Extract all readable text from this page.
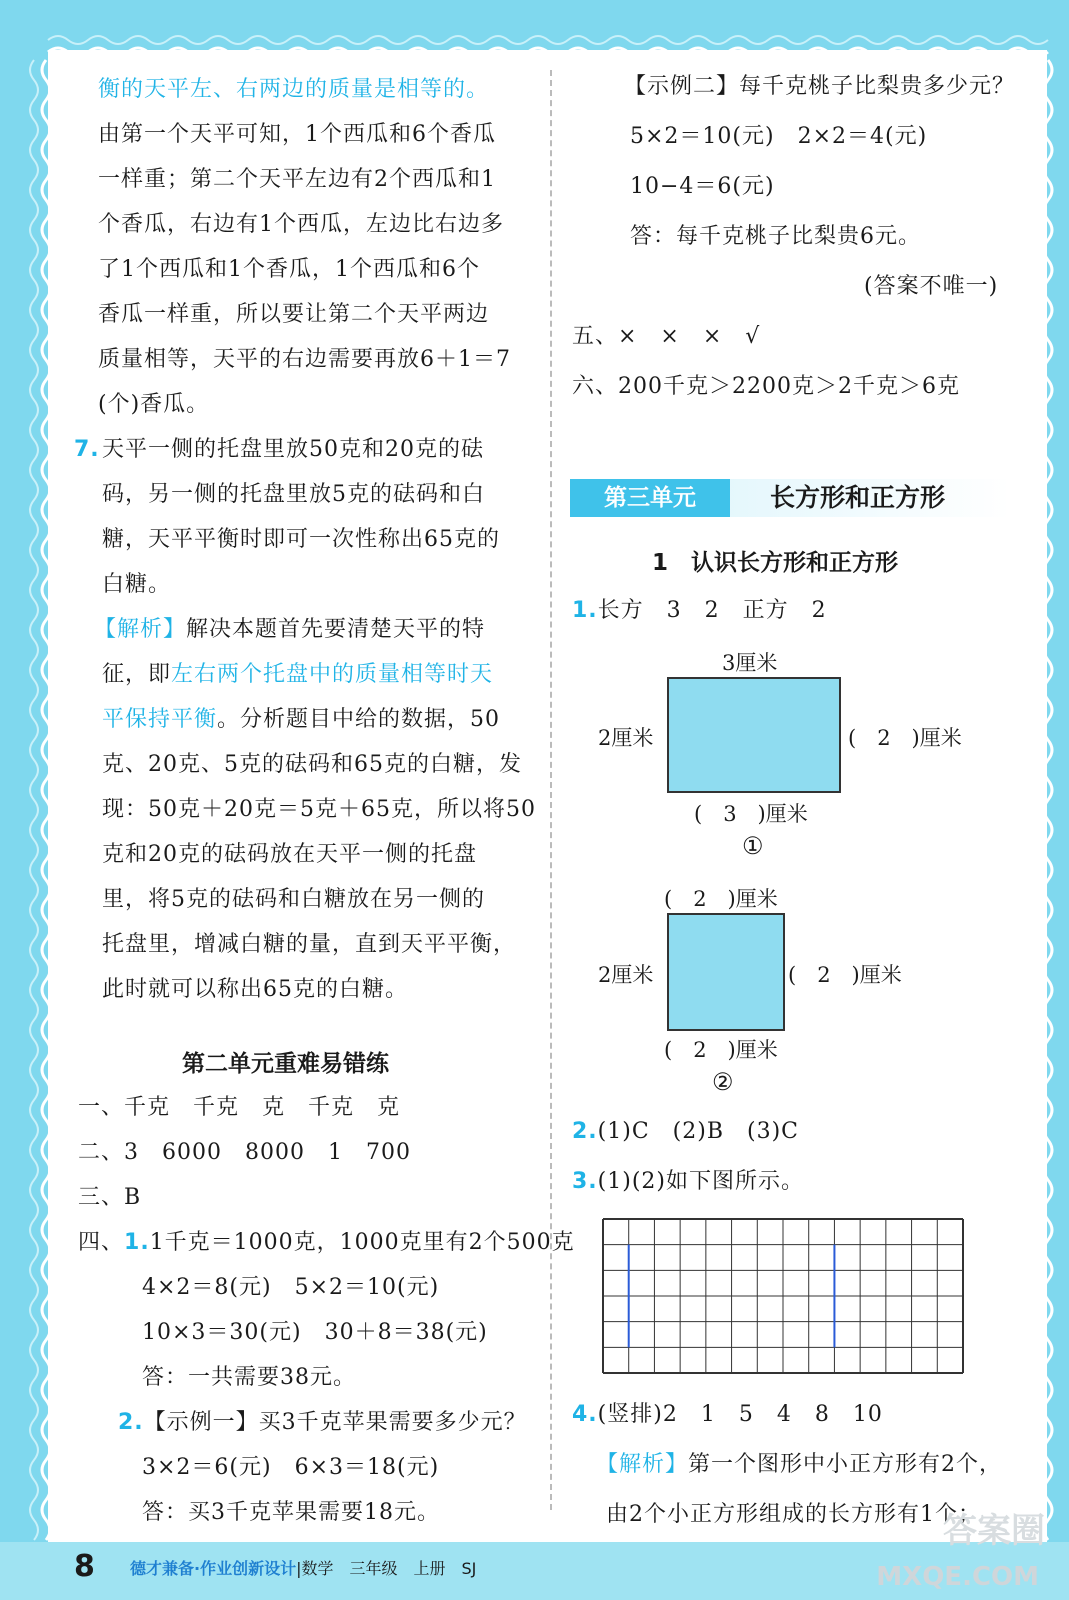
衡的天平左、右两边的质量是相等的。
由第一个天平可知，1个西瓜和6个香瓜
一样重；第二个天平左边有2个西瓜和1
个香瓜，右边有1个西瓜，左边比右边多
了1个西瓜和1个香瓜，1个西瓜和6个
香瓜一样重，所以要让第二个天平两边
质量相等，天平的右边需要再放6＋1＝7
(个)香瓜。
7. 天平一侧的托盘里放50克和20克的砝
码，另一侧的托盘里放5克的砝码和白
糖，天平平衡时即可一次性称出65克的
白糖。
【解析】解决本题首先要清楚天平的特
征，即左右两个托盘中的质量相等时天
平保持平衡。分析题目中给的数据，50
克、20克、5克的砝码和65克的白糖，发
现：50克＋20克＝5克＋65克，所以将50
克和20克的砝码放在天平一侧的托盘
里，将5克的砝码和白糖放在另一侧的
托盘里，增减白糖的量，直到天平平衡，
此时就可以称出65克的白糖。
第二单元重难易错练
一、千克　千克　克　千克　克
二、3　6000　8000　1　700
三、B
四、1.1千克＝1000克，1000克里有2个500克
4×2＝8(元)　5×2＝10(元)
10×3＝30(元)　30＋8＝38(元)
答：一共需要38元。
2.【示例一】买3千克苹果需要多少元？
3×2＝6(元)　6×3＝18(元)
答：买3千克苹果需要18元。
【示例二】每千克桃子比梨贵多少元？
5×2＝10(元)　2×2＝4(元)
10−4＝6(元)
答：每千克桃子比梨贵6元。
(答案不唯一)
五、×　×　×　√
六、200千克＞2200克＞2千克＞6克
第三单元	长方形和正方形
1　认识长方形和正方形
1.长方　3　2　正方　2
3厘米
2厘米	(　2　)厘米
(　3　)厘米
①
(　2　)厘米
2厘米	(　2　)厘米
(　2　)厘米
②
2.(1)C　(2)B　(3)C
3.(1)(2)如下图所示。
4.(竖排)2　1　5　4　8　10
【解析】第一个图形中小正方形有2个，
由2个小正方形组成的长方形有1个；
8 德才兼备·作业创新设计|数学　三年级　上册　SJ
答案圈
MXQE.COM
